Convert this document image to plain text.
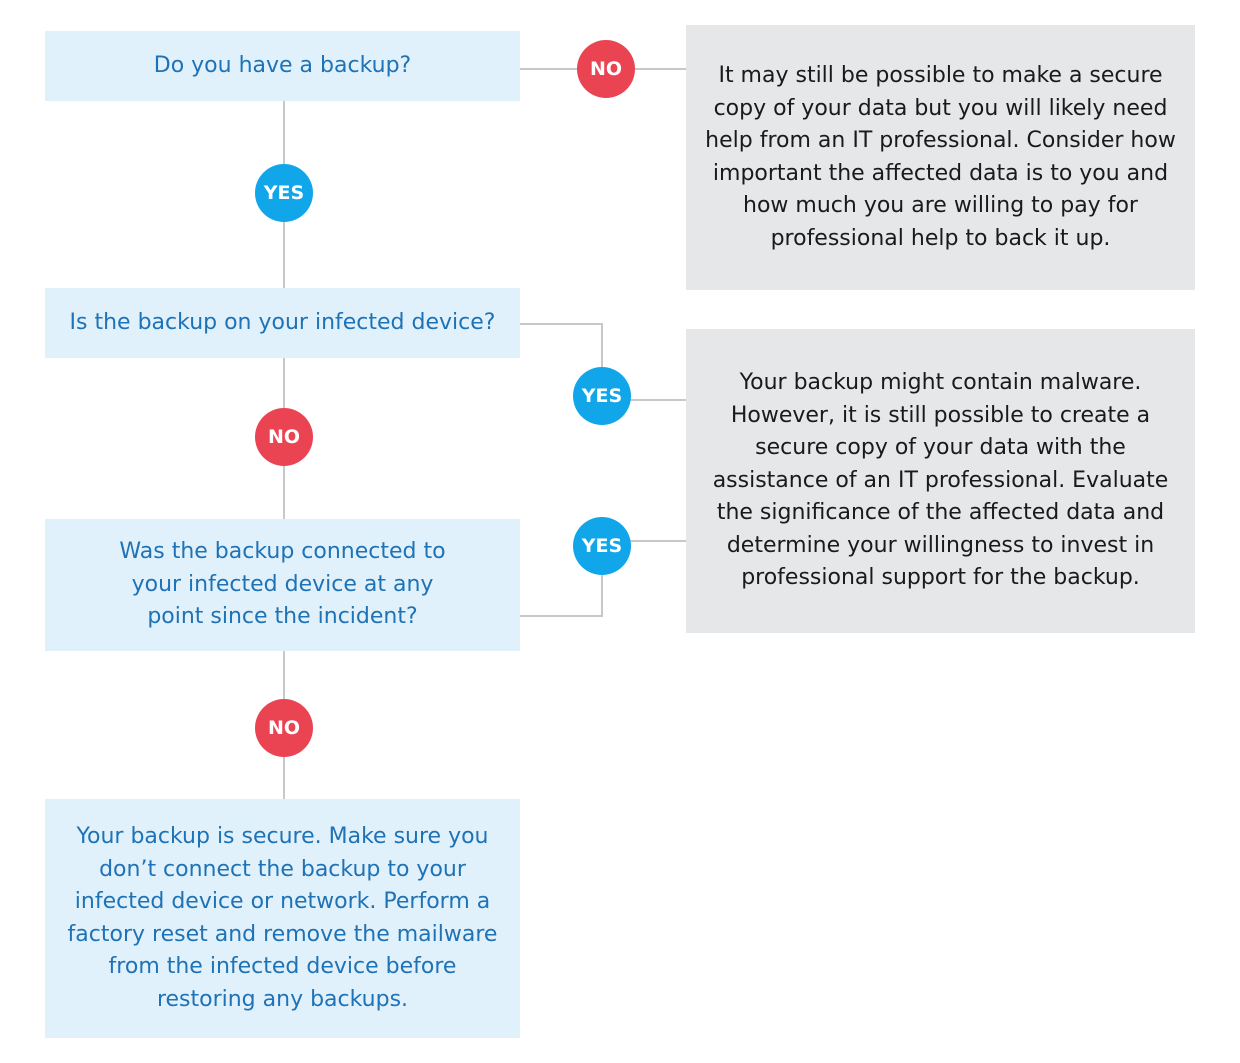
Do you have a backup?	It may still be possible to make a secure copy of your data but you will likely need help from an IT professional. Consider how important the affected data is to you and how much you are willing to pay for professional help to back it up.
Is the backup on your infected device?
Your backup might contain malware. However, it is still possible to create a secure copy of your data with the assistance of an IT professional. Evaluate the significance of the affected data and determine your willingness to invest in professional support for the backup.
Was the backup connected to your infected device at any point since the incident?
Your backup is secure. Make sure you don’t connect the backup to your infected device or network. Perform a factory reset and remove the mailware from the infected device before restoring any backups.
NO
YES
YES
NO
YES
NO
